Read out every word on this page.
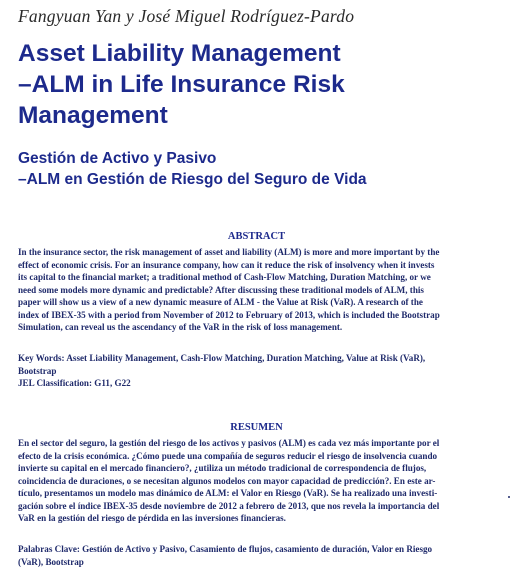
Fangyuan Yan y José Miguel Rodríguez-Pardo
Asset Liability Management
–ALM in Life Insurance Risk
Management
Gestión de Activo y Pasivo
–ALM en Gestión de Riesgo del Seguro de Vida
ABSTRACT
In the insurance sector, the risk management of asset and liability (ALM) is more and more important by the
effect of economic crisis. For an insurance company, how can it reduce the risk of insolvency when it invests
its capital to the financial market; a traditional method of Cash-Flow Matching, Duration Matching, or we
need some models more dynamic and predictable? After discussing these traditional models of ALM, this
paper will show us a view of a new dynamic measure of ALM - the Value at Risk (VaR). A research of the
index of IBEX-35 with a period from November of 2012 to February of 2013, which is included the Bootstrap
Simulation, can reveal us the ascendancy of the VaR in the risk of loss management.
Key Words: Asset Liability Management, Cash-Flow Matching, Duration Matching, Value at Risk (VaR),
Bootstrap
JEL Classification: G11, G22
RESUMEN
En el sector del seguro, la gestión del riesgo de los activos y pasivos (ALM) es cada vez más importante por el
efecto de la crisis económica. ¿Cómo puede una compañía de seguros reducir el riesgo de insolvencia cuando
invierte su capital en el mercado financiero?, ¿utiliza un método tradicional de correspondencia de flujos,
coincidencia de duraciones, o se necesitan algunos modelos con mayor capacidad de predicción?. En este ar-
tículo, presentamos un modelo mas dinámico de ALM: el Valor en Riesgo (VaR). Se ha realizado una investi-
gación sobre el índice IBEX-35 desde noviembre de 2012 a febrero de 2013, que nos revela la importancia del
VaR en la gestión del riesgo de pérdida en las inversiones financieras.
Palabras Clave: Gestión de Activo y Pasivo, Casamiento de flujos, casamiento de duración, Valor en Riesgo
(VaR), Bootstrap
